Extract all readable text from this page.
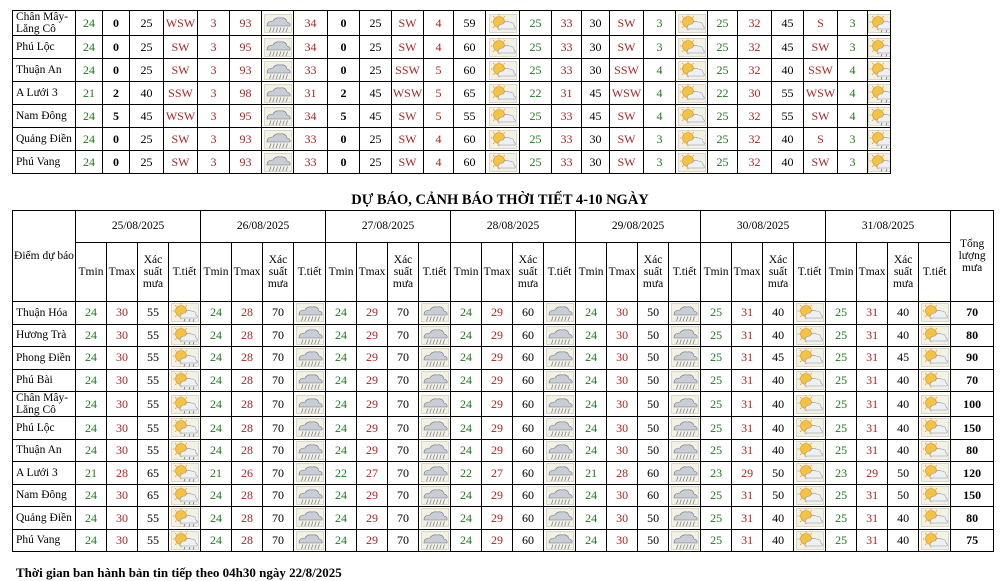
Chân Mây-Lăng Cô	24	0	25	WSW	3	93		34	0	25	SW	4	59		25	33	30	SW	3		25	32	45	S	3	

Phú Lộc	24	0	25	SW	3	95		34	0	25	SW	4	60		25	33	30	SW	3		25	32	45	SW	3	

Thuận An	24	0	25	SW	3	93		33	0	25	SSW	5	60		25	33	30	SSW	4		25	32	40	SSW	4	

A Lưới 3	21	2	40	SSW	3	98		31	2	45	WSW	5	65		22	31	45	WSW	4		22	30	55	WSW	4	

Nam Đông	24	5	45	WSW	3	95		34	5	45	SW	5	55		25	33	45	SW	4		25	32	55	SW	4	

Quảng Điền	24	0	25	SW	3	93		33	0	25	SW	4	60		25	33	30	SW	3		25	32	40	S	3	

Phú Vang	24	0	25	SW	3	93		33	0	25	SW	4	60		25	33	30	SW	3		25	32	40	SW	3	
DỰ BÁO, CẢNH BÁO THỜI TIẾT 4-10 NGÀY
Điểm dự báo	25/08/2025				26/08/2025				27/08/2025				28/08/2025				29/08/2025				30/08/2025				31/08/2025				Tổng lượng mưa
	Tmin	Tmax	Xác suất mưa	T.tiết	Tmin	Tmax	Xác suất mưa	T.tiết	Tmin	Tmax	Xác suất mưa	T.tiết	Tmin	Tmax	Xác suất mưa	T.tiết	Tmin	Tmax	Xác suất mưa	T.tiết	Tmin	Tmax	Xác suất mưa	T.tiết	Tmin	Tmax	Xác suất mưa	T.tiết	
Thuận Hóa	24	30	55		24	28	70		24	29	70		24	29	60		24	30	50		25	31	40		25	31	40		70
Hương Trà	24	30	55		24	28	70		24	29	70		24	29	60		24	30	50		25	31	40		25	31	40		80
Phong Điền	24	30	55		24	28	70		24	29	70		24	29	60		24	30	50		25	31	45		25	31	45		90
Phú Bài	24	30	55		24	28	70		24	29	70		24	29	60		24	30	50		25	31	40		25	31	40		70
Chân Mây-Lăng Cô	24	30	55		24	28	70		24	29	70		24	29	60		24	30	50		25	31	40		25	31	40		100
Phú Lộc	24	30	55		24	28	70		24	29	70		24	29	60		24	30	50		25	31	40		25	31	40		150
Thuận An	24	30	55		24	28	70		24	29	70		24	29	60		24	30	50		25	31	40		25	31	40		80
A Lưới 3	21	28	65		21	26	70		22	27	70		22	27	60		21	28	60		23	29	50		23	29	50		120
Nam Đông	24	30	65		24	28	70		24	29	70		24	29	60		24	30	60		25	31	50		25	31	50		150
Quảng Điền	24	30	55		24	28	70		24	29	70		24	29	60		24	30	50		25	31	40		25	31	40		80
Phú Vang	24	30	55		24	28	70		24	29	70		24	29	60		24	30	50		25	31	40		25	31	40		75
Thời gian ban hành bản tin tiếp theo 04h30 ngày 22/8/2025
